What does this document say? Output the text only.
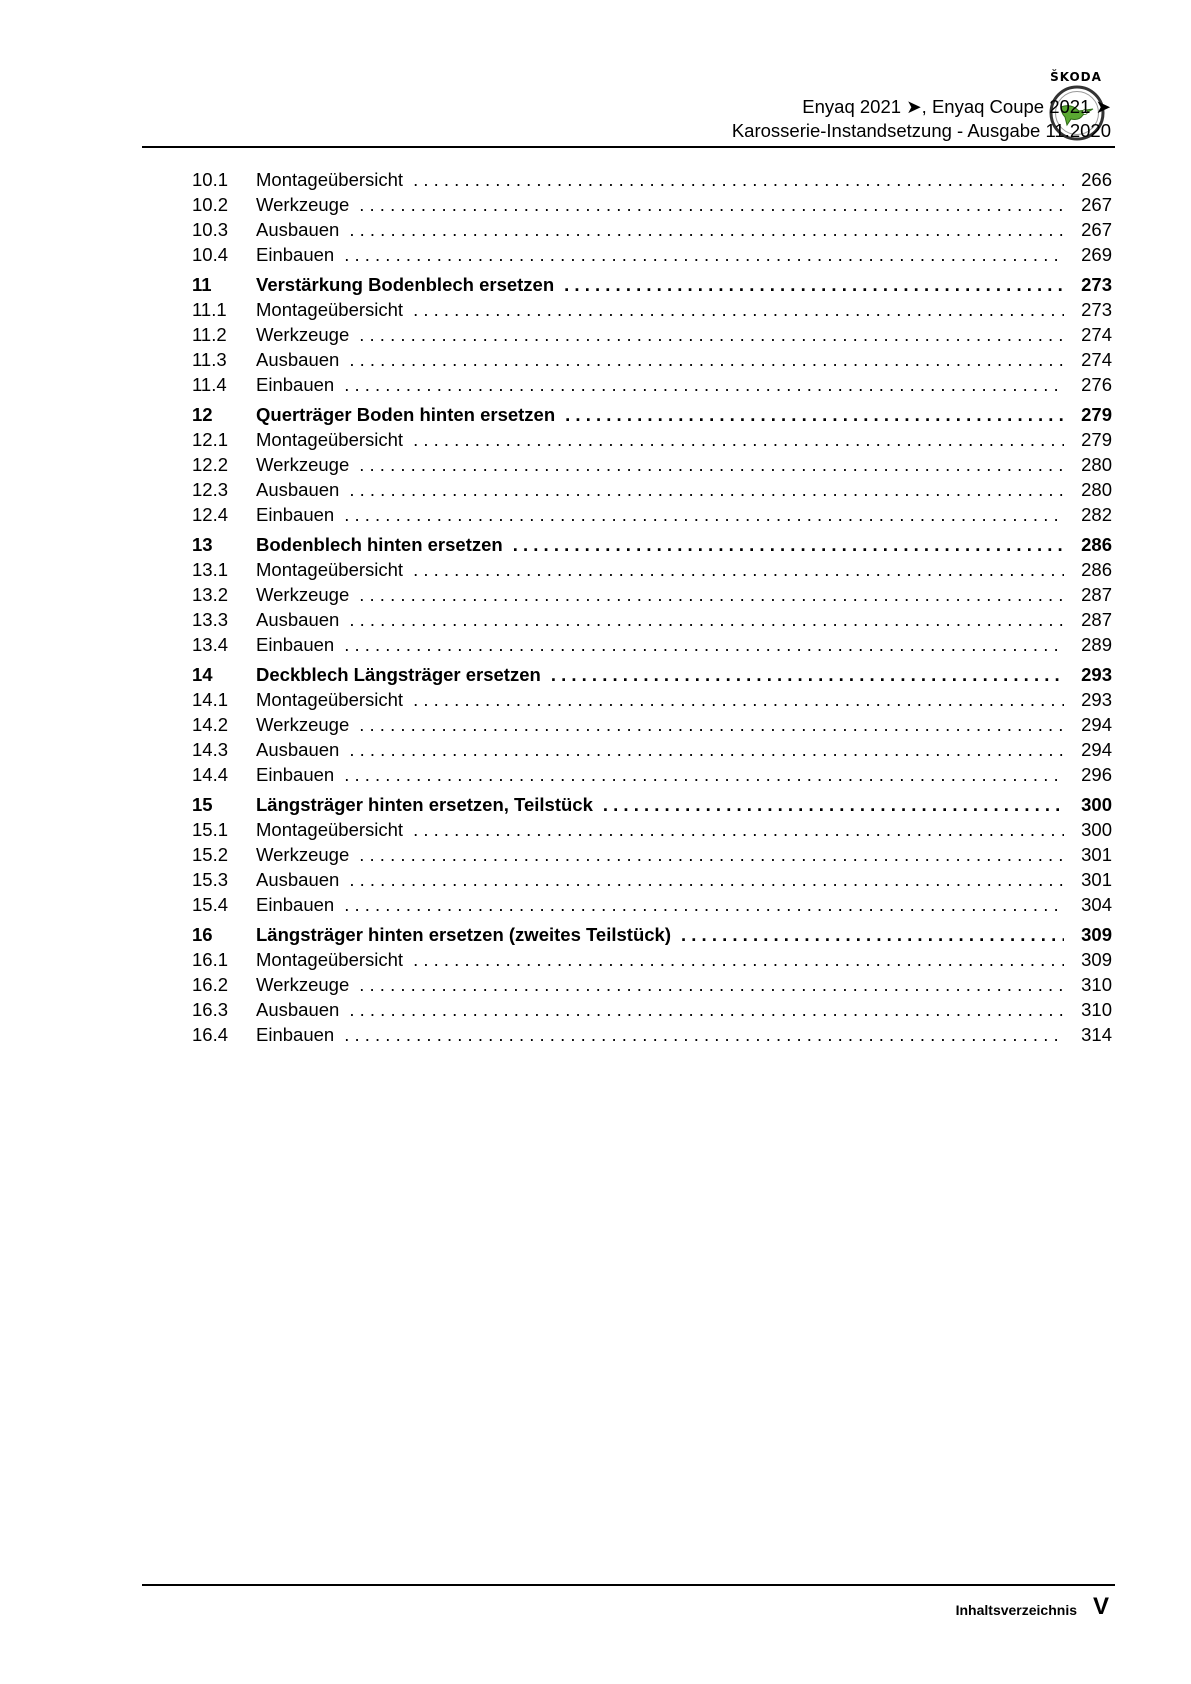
ŠKODA
Enyaq 2021 ➤, Enyaq Coupe 2021 ➤
Karosserie-Instandsetzung - Ausgabe 11.2020
10.1	Montageübersicht . . .	266
10.2	Werkzeuge . . .	267
10.3	Ausbauen . . .	267
10.4	Einbauen . . .	269
11	Verstärkung Bodenblech ersetzen . . .	273
11.1	Montageübersicht . . .	273
11.2	Werkzeuge . . .	274
11.3	Ausbauen . . .	274
11.4	Einbauen . . .	276
12	Querträger Boden hinten ersetzen . . .	279
12.1	Montageübersicht . . .	279
12.2	Werkzeuge . . .	280
12.3	Ausbauen . . .	280
12.4	Einbauen . . .	282
13	Bodenblech hinten ersetzen . . .	286
13.1	Montageübersicht . . .	286
13.2	Werkzeuge . . .	287
13.3	Ausbauen . . .	287
13.4	Einbauen . . .	289
14	Deckblech Längsträger ersetzen . . .	293
14.1	Montageübersicht . . .	293
14.2	Werkzeuge . . .	294
14.3	Ausbauen . . .	294
14.4	Einbauen . . .	296
15	Längsträger hinten ersetzen, Teilstück . . .	300
15.1	Montageübersicht . . .	300
15.2	Werkzeuge . . .	301
15.3	Ausbauen . . .	301
15.4	Einbauen . . .	304
16	Längsträger hinten ersetzen (zweites Teilstück) . . .	309
16.1	Montageübersicht . . .	309
16.2	Werkzeuge . . .	310
16.3	Ausbauen . . .	310
16.4	Einbauen . . .	314
Inhaltsverzeichnis V
